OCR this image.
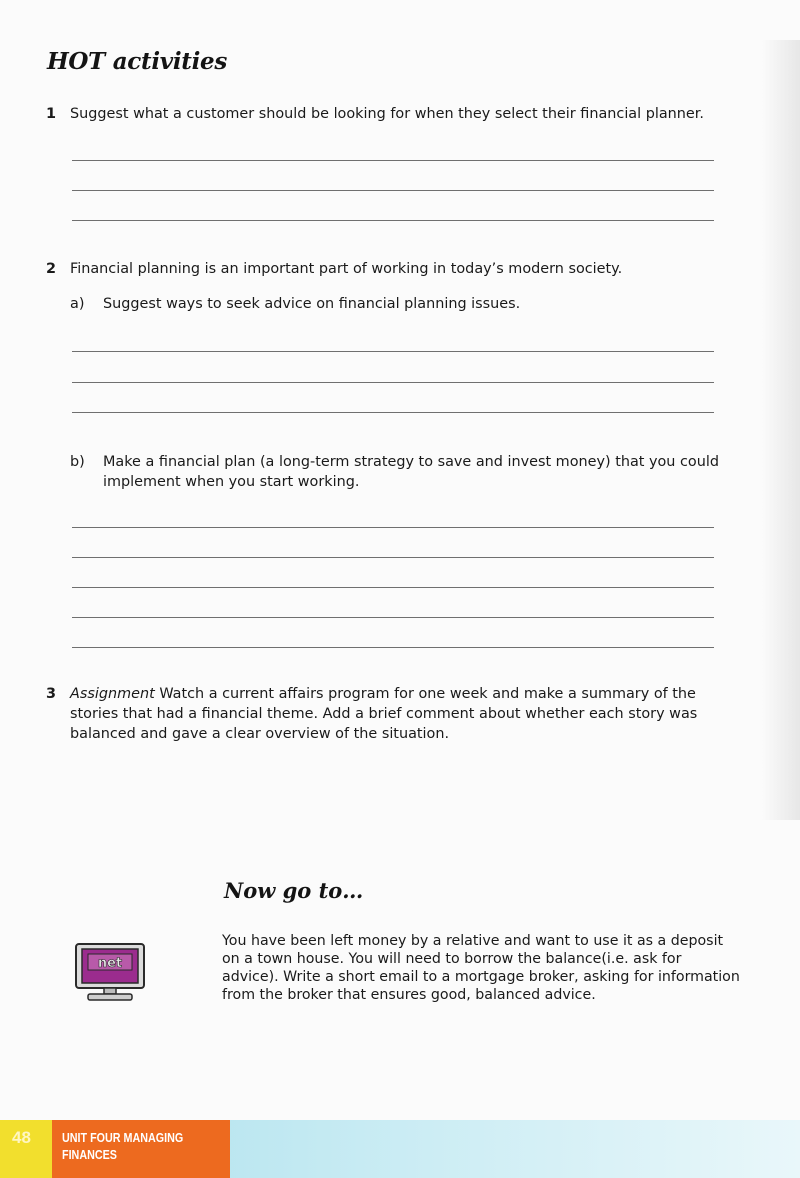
HOT activities
1 Suggest what a customer should be looking for when they select their financial planner.
2 Financial planning is an important part of working in today’s modern society.
a) Suggest ways to seek advice on financial planning issues.
b) Make a financial plan (a long-term strategy to save and invest money) that you could implement when you start working.
3 Assignment Watch a current affairs program for one week and make a summary of the stories that had a financial theme. Add a brief comment about whether each story was balanced and gave a clear overview of the situation.
Now go to…
net
You have been left money by a relative and want to use it as a deposit on a town house. You will need to borrow the balance(i.e. ask for advice). Write a short email to a mortgage broker, asking for information from the broker that ensures good, balanced advice.
48 UNIT FOUR MANAGING FINANCES
